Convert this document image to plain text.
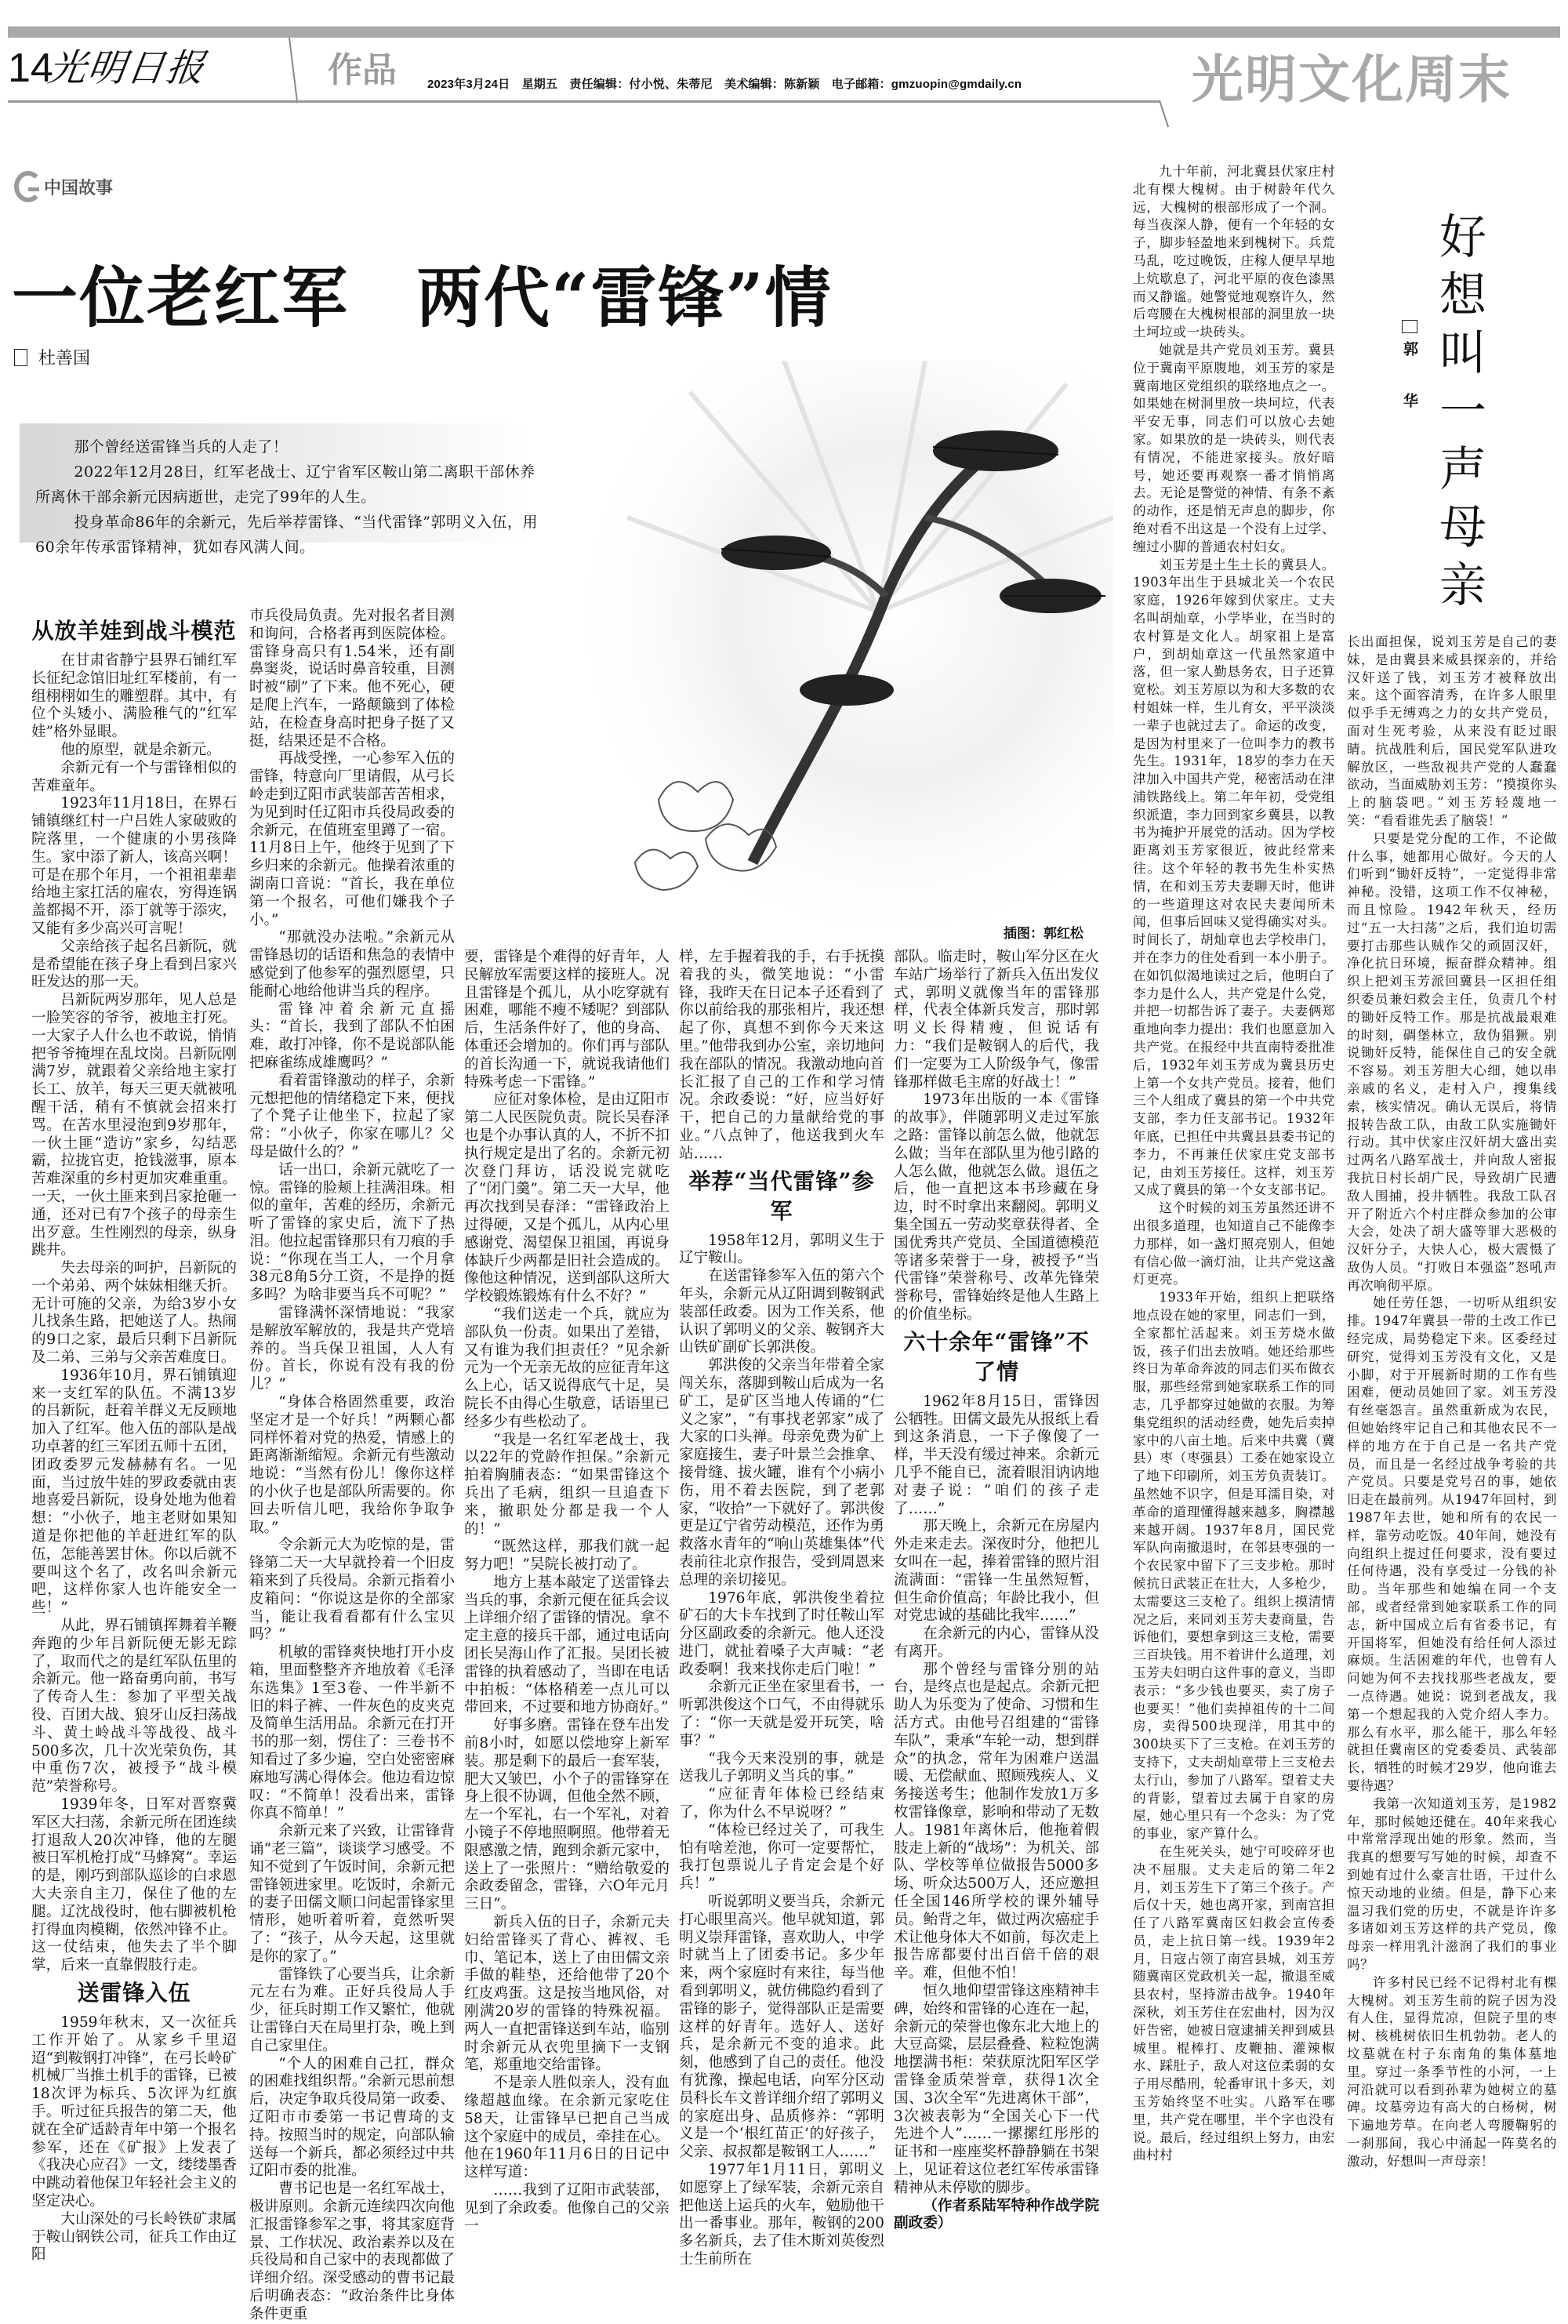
14
光明日报	作品	2023年3月24日　星期五　责任编辑：付小悦、朱蒂尼　美术编辑：陈新颖　电子邮箱：gmzuopin@gmdaily.cn	光明文化周末
中国故事
一位老红军　两代“雷锋”情
杜善国

那个曾经送雷锋当兵的人走了！

2022年12月28日，红军老战士、辽宁省军区鞍山第二离职干部休养所离休干部余新元因病逝世，走完了99年的人生。

投身革命86年的余新元，先后举荐雷锋、“当代雷锋”郭明义入伍，用60余年传承雷锋精神，犹如春风满人间。

插图：郭红松
从放羊娃到战斗模范

在甘肃省静宁县界石铺红军长征纪念馆旧址红军楼前，有一组栩栩如生的雕塑群。其中，有位个头矮小、满脸稚气的“红军娃”格外显眼。

他的原型，就是余新元。

余新元有一个与雷锋相似的苦难童年。

1923年11月18日，在界石铺镇继红村一户吕姓人家破败的院落里，一个健康的小男孩降生。家中添了新人，该高兴啊！可是在那个年月，一个祖祖辈辈给地主家扛活的雇农，穷得连锅盖都揭不开，添丁就等于添灾，又能有多少高兴可言呢！

父亲给孩子起名吕新阮，就是希望能在孩子身上看到吕家兴旺发达的那一天。

吕新阮两岁那年，见人总是一脸笑容的爷爷，被地主打死。一大家子人什么也不敢说，悄悄把爷爷掩埋在乱坟岗。吕新阮刚满7岁，就跟着父亲给地主家打长工、放羊，每天三更天就被吼醒干活，稍有不慎就会招来打骂。在苦水里浸泡到9岁那年，一伙土匪“造访”家乡，勾结恶霸，拉拢官吏，抢钱滋事，原本苦难深重的乡村更加灾难重重。一天，一伙土匪来到吕家抢砸一通，还对已有7个孩子的母亲生出歹意。生性刚烈的母亲，纵身跳井。

失去母亲的呵护，吕新阮的一个弟弟、两个妹妹相继夭折。无计可施的父亲，为给3岁小女儿找条生路，把她送了人。热闹的9口之家，最后只剩下吕新阮及二弟、三弟与父亲苦难度日。

1936年10月，界石铺镇迎来一支红军的队伍。不满13岁的吕新阮，赶着羊群义无反顾地加入了红军。他入伍的部队是战功卓著的红三军团五师十五团，团政委罗元发赫赫有名。一见面，当过放牛娃的罗政委就由衷地喜爱吕新阮，设身处地为他着想：“小伙子，地主老财如果知道是你把他的羊赶进红军的队伍，怎能善罢甘休。你以后就不要叫这个名了，改名叫余新元吧，这样你家人也许能安全一些！”

从此，界石铺镇挥舞着羊鞭奔跑的少年吕新阮便无影无踪了，取而代之的是红军队伍里的余新元。他一路奋勇向前，书写了传奇人生：参加了平型关战役、百团大战、狼牙山反扫荡战斗、黄土岭战斗等战役、战斗500多次，几十次光荣负伤，其中重伤7次，被授予“战斗模范”荣誉称号。

1939年冬，日军对晋察冀军区大扫荡，余新元所在团连续打退敌人20次冲锋，他的左腿被日军机枪打成“马蜂窝”。幸运的是，刚巧到部队巡诊的白求恩大夫亲自主刀，保住了他的左腿。辽沈战役时，他右脚被机枪打得血肉模糊，依然冲锋不止。这一仗结束，他失去了半个脚掌，后来一直靠假肢行走。

送雷锋入伍

1959年秋末，又一次征兵工作开始了。从家乡千里迢迢“到鞍钢打冲锋”，在弓长岭矿机械厂当推土机手的雷锋，已被18次评为标兵、5次评为红旗手。听过征兵报告的第二天，他就在全矿适龄青年中第一个报名参军，还在《矿报》上发表了《我决心应召》一文，缕缕墨香中跳动着他保卫年轻社会主义的坚定决心。

大山深处的弓长岭铁矿隶属于鞍山钢铁公司，征兵工作由辽阳

市兵役局负责。先对报名者目测和询问，合格者再到医院体检。雷锋身高只有1.54米，还有副鼻窦炎，说话时鼻音较重，目测时被“刷”了下来。他不死心，硬是爬上汽车，一路颠簸到了体检站，在检查身高时把身子挺了又挺，结果还是不合格。

再战受挫，一心参军入伍的雷锋，特意向厂里请假，从弓长岭走到辽阳市武装部苦苦相求，为见到时任辽阳市兵役局政委的余新元，在值班室里蹲了一宿。11月8日上午，他终于见到了下乡归来的余新元。他操着浓重的湖南口音说：“首长，我在单位第一个报名，可他们嫌我个子小。”

“那就没办法啦。”余新元从雷锋恳切的话语和焦急的表情中感觉到了他参军的强烈愿望，只能耐心地给他讲当兵的程序。

雷锋冲着余新元直摇头：“首长，我到了部队不怕困难，敢打冲锋，你不是说部队能把麻雀练成雄鹰吗？”

看着雷锋激动的样子，余新元想把他的情绪稳定下来，便找了个凳子让他坐下，拉起了家常：“小伙子，你家在哪儿？父母是做什么的？”

话一出口，余新元就吃了一惊。雷锋的脸颊上挂满泪珠。相似的童年，苦难的经历，余新元听了雷锋的家史后，流下了热泪。他拉起雷锋那只有刀痕的手说：“你现在当工人，一个月拿38元8角5分工资，不是挣的挺多吗？为啥非要当兵不可呢？”

雷锋满怀深情地说：“我家是解放军解放的，我是共产党培养的。当兵保卫祖国，人人有份。首长，你说有没有我的份儿？”

“身体合格固然重要，政治坚定才是一个好兵！”两颗心都同样怀着对党的热爱，情感上的距离渐渐缩短。余新元有些激动地说：“当然有份儿！像你这样的小伙子也是部队所需要的。你回去听信儿吧，我给你争取争取。”

令余新元大为吃惊的是，雷锋第二天一大早就拎着一个旧皮箱来到了兵役局。余新元指着小皮箱问：“你说这是你的全部家当，能让我看看都有什么宝贝吗？”

机敏的雷锋爽快地打开小皮箱，里面整整齐齐地放着《毛泽东选集》1至3卷、一件半新不旧的料子裤、一件灰色的皮夹克及简单生活用品。余新元在打开书的那一刻，愣住了：三卷书不知看过了多少遍，空白处密密麻麻地写满心得体会。他边看边惊叹：“不简单！没看出来，雷锋你真不简单！”

余新元来了兴致，让雷锋背诵“老三篇”，谈谈学习感受。不知不觉到了午饭时间，余新元把雷锋领进家里。吃饭时，余新元的妻子田儒文顺口问起雷锋家里情形，她听着听着，竟然听哭了：“孩子，从今天起，这里就是你的家了。”

雷锋铁了心要当兵，让余新元左右为难。正好兵役局人手少，征兵时期工作又繁忙，他就让雷锋白天在局里打杂，晚上到自己家里住。

“个人的困难自己扛，群众的困难找组织帮。”余新元思前想后，决定争取兵役局第一政委、辽阳市市委第一书记曹琦的支持。按照当时的规定，向部队输送每一个新兵，都必须经过中共辽阳市委的批准。

曹书记也是一名红军战士，极讲原则。余新元连续四次向他汇报雷锋参军之事，将其家庭背景、工作状况、政治素养以及在兵役局和自己家中的表现都做了详细介绍。深受感动的曹书记最后明确表态：“政治条件比身体条件更重

要，雷锋是个难得的好青年，人民解放军需要这样的接班人。况且雷锋是个孤儿，从小吃穿就有困难，哪能不瘦不矮呢？到部队后，生活条件好了，他的身高、体重还会增加的。你们再与部队的首长沟通一下，就说我请他们特殊考虑一下雷锋。”

应征对象体检，是由辽阳市第二人民医院负责。院长吴春泽也是个办事认真的人，不折不扣执行规定是出了名的。余新元初次登门拜访，话没说完就吃了“闭门羹”。第二天一大早，他再次找到吴春泽：“雷锋政治上过得硬，又是个孤儿，从内心里感谢党、渴望保卫祖国，再说身体缺斤少两都是旧社会造成的。像他这种情况，送到部队这所大学校锻炼锻炼有什么不好？”

“我们送走一个兵，就应为部队负一份责。如果出了差错，又有谁为我们担责任？”见余新元为一个无亲无故的应征青年这么上心，话又说得底气十足，吴院长不由得心生敬意，话语里已经多少有些松动了。

“我是一名红军老战士，我以22年的党龄作担保。”余新元拍着胸脯表态：“如果雷锋这个兵出了毛病，组织一旦追查下来，撤职处分都是我一个人的！”

“既然这样，那我们就一起努力吧！”吴院长被打动了。

地方上基本敲定了送雷锋去当兵的事，余新元便在征兵会议上详细介绍了雷锋的情况。拿不定主意的接兵干部，通过电话向团长吴海山作了汇报。吴团长被雷锋的执着感动了，当即在电话中拍板：“体格稍差一点儿可以带回来，不过要和地方协商好。”

好事多磨。雷锋在登车出发前8小时，如愿以偿地穿上新军装。那是剩下的最后一套军装，肥大又皱巴，小个子的雷锋穿在身上很不协调，但他全然不顾，左一个军礼，右一个军礼，对着小镜子不停地照啊照。他带着无限感激之情，跑到余新元家中，送上了一张照片：“赠给敬爱的余政委留念，雷锋，六O年元月三日”。

新兵入伍的日子，余新元夫妇给雷锋买了背心、裤衩、毛巾、笔记本，送上了由田儒文亲手做的鞋垫，还给他带了20个红皮鸡蛋。这是按当地风俗，对刚满20岁的雷锋的特殊祝福。两人一直把雷锋送到车站，临别时余新元从衣兜里摘下一支钢笔，郑重地交给雷锋。

不是亲人胜似亲人，没有血缘超越血缘。在余新元家吃住58天，让雷锋早已把自己当成这个家庭中的成员，牵挂在心。他在1960年11月6日的日记中这样写道：

……我到了辽阳市武装部，见到了余政委。他像自己的父亲一

样，左手握着我的手，右手抚摸着我的头，微笑地说：“小雷锋，我昨天在日记本子还看到了你以前给我的那张相片，我还想起了你，真想不到你今天来这里。”他带我到办公室，亲切地问我在部队的情况。我激动地向首长汇报了自己的工作和学习情况。余政委说：“好，应当好好干，把自己的力量献给党的事业。”八点钟了，他送我到火车站……

举荐“当代雷锋”参军

1958年12月，郭明义生于辽宁鞍山。

在送雷锋参军入伍的第六个年头，余新元从辽阳调到鞍钢武装部任政委。因为工作关系，他认识了郭明义的父亲、鞍钢齐大山铁矿副矿长郭洪俊。

郭洪俊的父亲当年带着全家闯关东，落脚到鞍山后成为一名矿工，是矿区当地人传诵的“仁义之家”，“有事找老郭家”成了大家的口头禅。母亲免费为矿上家庭接生，妻子叶景兰会推拿、接骨缝、拔火罐，谁有个小病小伤，用不着去医院，到了老郭家，“收拾”一下就好了。郭洪俊更是辽宁省劳动模范，还作为勇救落水青年的“响山英雄集体”代表前往北京作报告，受到周恩来总理的亲切接见。

1976年底，郭洪俊坐着拉矿石的大卡车找到了时任鞍山军分区副政委的余新元。他人还没进门，就扯着嗓子大声喊：“老政委啊！我来找你走后门啦！”

余新元正坐在家里看书，一听郭洪俊这个口气，不由得就乐了：“你一天就是爱开玩笑，啥事？”

“我今天来没别的事，就是送我儿子郭明义当兵的事。”

“应征青年体检已经结束了，你为什么不早说呀？”

“体检已经过关了，可我生怕有啥差池，你可一定要帮忙，我打包票说儿子肯定会是个好兵！”

听说郭明义要当兵，余新元打心眼里高兴。他早就知道，郭明义崇拜雷锋，喜欢助人，中学时就当上了团委书记。多少年来，两个家庭时有来往，每当他看到郭明义，就仿佛隐约看到了雷锋的影子，觉得部队正是需要这样的好青年。选好人、送好兵，是余新元不变的追求。此刻，他感到了自己的责任。他没有犹豫，操起电话，向军分区动员科长车文普详细介绍了郭明义的家庭出身、品质修养：“郭明义是一个‘根红苗正’的好孩子，父亲、叔叔都是鞍钢工人……”

1977年1月11日，郭明义如愿穿上了绿军装，余新元亲自把他送上运兵的火车，勉励他干出一番事业。那年，鞍钢的200多名新兵，去了佳木斯刘英俊烈士生前所在

部队。临走时，鞍山军分区在火车站广场举行了新兵入伍出发仪式，郭明义就像当年的雷锋那样，代表全体新兵发言，那时郭明义长得精瘦，但说话有力：“我们是鞍钢人的后代，我们一定要为工人阶级争气，像雷锋那样做毛主席的好战士！”

1973年出版的一本《雷锋的故事》，伴随郭明义走过军旅之路：雷锋以前怎么做，他就怎么做；当年在部队里为他引路的人怎么做，他就怎么做。退伍之后，他一直把这本书珍藏在身边，时不时拿出来翻阅。郭明义集全国五一劳动奖章获得者、全国优秀共产党员、全国道德模范等诸多荣誉于一身，被授予“当代雷锋”荣誉称号、改革先锋荣誉称号，雷锋始终是他人生路上的价值坐标。

六十余年“雷锋”不了情

1962年8月15日，雷锋因公牺牲。田儒文最先从报纸上看到这条消息，一下子像傻了一样，半天没有缓过神来。余新元几乎不能自已，流着眼泪讷讷地对妻子说：“咱们的孩子走了……”

那天晚上，余新元在房屋内外走来走去。深夜时分，他把儿女叫在一起，捧着雷锋的照片泪流满面：“雷锋一生虽然短暂，但生命价值高；年龄比我小，但对党忠诚的基础比我牢……”

在余新元的内心，雷锋从没有离开。

那个曾经与雷锋分别的站台，是终点也是起点。余新元把助人为乐变为了使命、习惯和生活方式。由他号召组建的“雷锋车队”，秉承“车轮一动，想到群众”的执念，常年为困难户送温暖、无偿献血、照顾残疾人、义务接送考生；他制作发放1万多枚雷锋像章，影响和带动了无数人。1981年离休后，他拖着假肢走上新的“战场”：为机关、部队、学校等单位做报告5000多场、听众达500万人，还应邀担任全国146所学校的课外辅导员。鲐背之年，做过两次癌症手术让他身体大不如前，每次走上报告席都要付出百倍千倍的艰辛。难，但他不怕！

恒久地仰望雷锋这座精神丰碑，始终和雷锋的心连在一起，余新元的荣誉也像东北大地上的大豆高粱，层层叠叠、粒粒饱满地摆满书柜：荣获原沈阳军区学雷锋金质荣誉章，获得1次全国、3次全军“先进离休干部”，3次被表彰为“全国关心下一代先进个人”……一摞摞红彤彤的证书和一座座奖杯静静躺在书架上，见证着这位老红军传承雷锋精神从未停歇的脚步。

（作者系陆军特种作战学院副政委）

好想叫一声母亲
郭　华

九十年前，河北冀县伏家庄村北有棵大槐树。由于树龄年代久远，大槐树的根部形成了一个洞。每当夜深人静，便有一个年轻的女子，脚步轻盈地来到槐树下。兵荒马乱，吃过晚饭，庄稼人便早早地上炕歇息了，河北平原的夜色漆黑而又静谧。她警觉地观察许久，然后弯腰在大槐树根部的洞里放一块土坷垃或一块砖头。

她就是共产党员刘玉芳。冀县位于冀南平原腹地，刘玉芳的家是冀南地区党组织的联络地点之一。如果她在树洞里放一块坷垃，代表平安无事，同志们可以放心去她家。如果放的是一块砖头，则代表有情况，不能进家接头。放好暗号，她还要再观察一番才悄悄离去。无论是警觉的神情、有条不紊的动作，还是悄无声息的脚步，你绝对看不出这是一个没有上过学、缠过小脚的普通农村妇女。

刘玉芳是土生土长的冀县人。1903年出生于县城北关一个农民家庭，1926年嫁到伏家庄。丈夫名叫胡灿章，小学毕业，在当时的农村算是文化人。胡家祖上是富户，到胡灿章这一代虽然家道中落，但一家人勤恳务农，日子还算宽松。刘玉芳原以为和大多数的农村姐妹一样，生儿育女，平平淡淡一辈子也就过去了。命运的改变，是因为村里来了一位叫李力的教书先生。1931年，18岁的李力在天津加入中国共产党，秘密活动在津浦铁路线上。第二年年初，受党组织派遣，李力回到家乡冀县，以教书为掩护开展党的活动。因为学校距离刘玉芳家很近，彼此经常来往。这个年轻的教书先生朴实热情，在和刘玉芳夫妻聊天时，他讲的一些道理这对农民夫妻闻所未闻，但事后回味又觉得确实对头。时间长了，胡灿章也去学校串门，并在李力的住处看到一本小册子。在如饥似渴地读过之后，他明白了李力是什么人，共产党是什么党，并把一切都告诉了妻子。夫妻俩郑重地向李力提出：我们也愿意加入共产党。在报经中共直南特委批准后，1932年刘玉芳成为冀县历史上第一个女共产党员。接着，他们三个人组成了冀县的第一个中共党支部，李力任支部书记。1932年年底，已担任中共冀县县委书记的李力，不再兼任伏家庄党支部书记，由刘玉芳接任。这样，刘玉芳又成了冀县的第一个女支部书记。

这个时候的刘玉芳虽然还讲不出很多道理，也知道自己不能像李力那样，如一盏灯照亮别人，但她有信心做一滴灯油，让共产党这盏灯更亮。

1933年开始，组织上把联络地点设在她的家里，同志们一到，全家都忙活起来。刘玉芳烧水做饭，孩子们出去放哨。她还给那些终日为革命奔波的同志们买布做衣服，那些经常到她家联系工作的同志，几乎都穿过她做的衣服。为筹集党组织的活动经费，她先后卖掉家中的八亩土地。后来中共冀（冀县）枣（枣强县）工委在她家设立了地下印刷所，刘玉芳负责装订。虽然她不识字，但是耳濡目染，对革命的道理懂得越来越多，胸襟越来越开阔。1937年8月，国民党军队向南撤退时，在邻县枣强的一个农民家中留下了三支步枪。那时候抗日武装正在壮大，人多枪少，太需要这三支枪了。组织上摸清情况之后，来同刘玉芳夫妻商量，告诉他们，要想拿到这三支枪，需要三百块钱。用不着讲什么道理，刘玉芳夫妇明白这件事的意义，当即表示：“多少钱也要买，卖了房子也要买！”他们卖掉祖传的十二间房，卖得500块现洋，用其中的300块买下了三支枪。在刘玉芳的支持下，丈夫胡灿章带上三支枪去太行山，参加了八路军。望着丈夫的背影，望着过去属于自家的房屋，她心里只有一个念头：为了党的事业，家产算什么。

在生死关头，她宁可咬碎牙也决不屈服。丈夫走后的第二年2月，刘玉芳生下了第三个孩子。产后仅十天，她也离开家，到南宫担任了八路军冀南区妇救会宣传委员，走上抗日第一线。1939年2月，日寇占领了南宫县城，刘玉芳随冀南区党政机关一起，撤退至威县农村，坚持游击战争。1940年深秋，刘玉芳住在宏曲村，因为汉奸告密，她被日寇逮捕关押到威县城里。棍棒打、皮鞭抽、灌辣椒水、踩肚子，敌人对这位柔弱的女子用尽酷刑，轮番审讯十多天，刘玉芳始终坚不吐实。八路军在哪里，共产党在哪里，半个字也没有说。最后，经过组织上努力，由宏曲村村

长出面担保，说刘玉芳是自己的妻妹，是由冀县来威县探亲的，并给汉奸送了钱，刘玉芳才被释放出来。这个面容清秀，在许多人眼里似乎手无缚鸡之力的女共产党员，面对生死考验，从来没有眨过眼睛。抗战胜利后，国民党军队进攻解放区，一些敌视共产党的人蠢蠢欲动，当面威胁刘玉芳：“摸摸你头上的脑袋吧。”刘玉芳轻蔑地一笑：“看看谁先丢了脑袋！”

只要是党分配的工作，不论做什么事，她都用心做好。今天的人们听到“锄奸反特”，一定觉得非常神秘。没错，这项工作不仅神秘，而且惊险。1942年秋天，经历过“五一大扫荡”之后，我们迫切需要打击那些认贼作父的顽固汉奸，净化抗日环境，振奋群众精神。组织上把刘玉芳派回冀县一区担任组织委员兼妇救会主任，负责几个村的锄奸反特工作。那是抗战最艰难的时刻，碉堡林立，敌伪猖獗。别说锄奸反特，能保住自己的安全就不容易。刘玉芳胆大心细，她以串亲戚的名义，走村入户，搜集线索，核实情况。确认无误后，将情报转告敌工队，由敌工队实施锄奸行动。其中伏家庄汉奸胡大盛出卖过两名八路军战士，并向敌人密报我抗日村长胡广民，导致胡广民遭敌人围捕，投井牺牲。我敌工队召开了附近六个村庄群众参加的公审大会，处决了胡大盛等罪大恶极的汉奸分子，大快人心，极大震慑了敌伪人员。“打败日本强盗”怒吼声再次响彻平原。

她任劳任怨，一切听从组织安排。1947年冀县一带的土改工作已经完成，局势稳定下来。区委经过研究，觉得刘玉芳没有文化，又是小脚，对于开展新时期的工作有些困难，便动员她回了家。刘玉芳没有丝毫怨言。虽然重新成为农民，但她始终牢记自己和其他农民不一样的地方在于自己是一名共产党员，而且是一名经过战争考验的共产党员。只要是党号召的事，她依旧走在最前列。从1947年回村，到1987年去世，她和所有的农民一样，靠劳动吃饭。40年间，她没有向组织上提过任何要求，没有要过任何待遇，没有享受过一分钱的补助。当年那些和她编在同一个支部，或者经常到她家联系工作的同志，新中国成立后有省委书记，有开国将军，但她没有给任何人添过麻烦。生活困难的年代，也曾有人问她为何不去找找那些老战友，要一点待遇。她说：说到老战友，我第一个想起我的入党介绍人李力。那么有水平，那么能干，那么年轻就担任冀南区的党委委员、武装部长，牺牲的时候才29岁，他向谁去要待遇？

我第一次知道刘玉芳，是1982年，那时候她还健在。40年来我心中常常浮现出她的形象。然而，当我真的想要写写她的时候，却查不到她有过什么豪言壮语，干过什么惊天动地的业绩。但是，静下心来温习我们党的历史，不就是许许多多诸如刘玉芳这样的共产党员，像母亲一样用乳汁滋润了我们的事业吗？

许多村民已经不记得村北有棵大槐树。刘玉芳生前的院子因为没有人住，显得荒凉，但院子里的枣树、核桃树依旧生机勃勃。老人的坟墓就在村子东南角的集体墓地里。穿过一条季节性的小河，一上河沿就可以看到孙辈为她树立的墓碑。坟墓旁边有高大的白杨树，树下遍地芳草。在向老人弯腰鞠躬的一刹那间，我心中涌起一阵莫名的激动，好想叫一声母亲！
